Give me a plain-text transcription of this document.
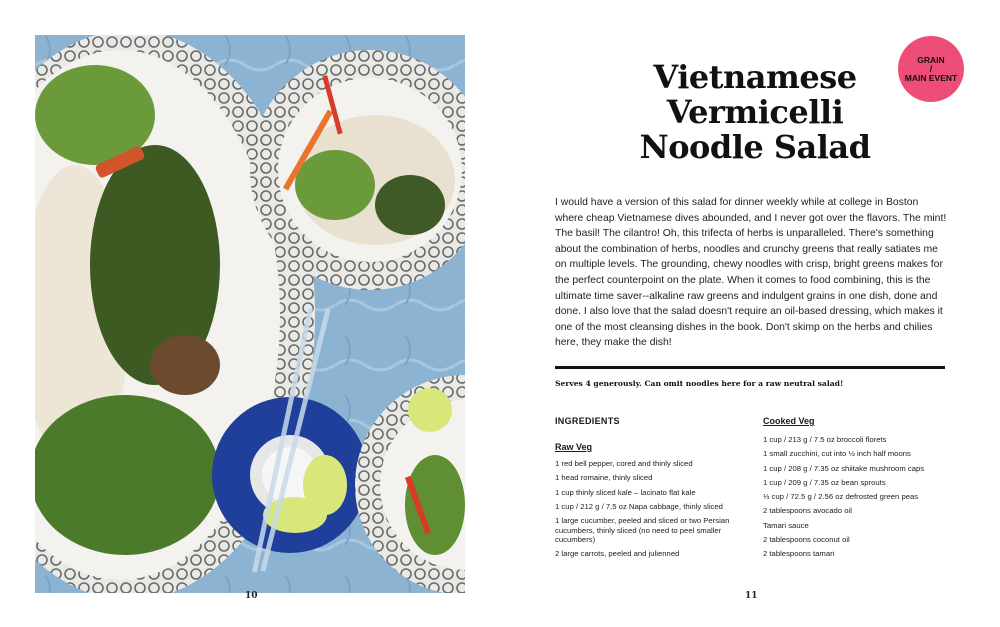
10
GRAIN
/
MAIN EVENT
Vietnamese
Vermicelli
Noodle Salad

I would have a version of this salad for dinner weekly while at college in Boston where cheap Vietnamese dives abounded, and I never got over the flavors. The mint! The basil! The cilantro! Oh, this trifecta of herbs is unparalleled. There's something about the combination of herbs, noodles and crunchy greens that really satiates me on multiple levels. The grounding, chewy noodles with crisp, bright greens makes for the perfect counterpoint on the plate. When it comes to food combining, this is the ultimate time saver--alkaline raw greens and indulgent grains in one dish, done and done. I also love that the salad doesn't require an oil-based dressing, which makes it one of the most cleansing dishes in the book. Don't skimp on the herbs and chilies here, they make the dish!

Serves 4 generously. Can omit noodles here for a raw neutral salad!

INGREDIENTS
Raw Veg
1 red bell pepper, cored and thinly sliced
1 head romaine, thinly sliced
1 cup thinly sliced kale – lacinato flat kale
1 cup / 212 g / 7.5 oz Napa cabbage, thinly sliced
1 large cucumber, peeled and sliced or two Persian cucumbers, thinly sliced (no need to peel smaller cucumbers)
2 large carrots, peeled and julienned
Cooked Veg
1 cup / 213 g / 7.5 oz broccoli florets
1 small zucchini, cut into ½ inch half moons
1 cup / 208 g / 7.35 oz shiitake mushroom caps
1 cup / 209 g / 7.35 oz bean sprouts
⅓ cup / 72.5 g / 2.56 oz defrosted green peas
2 tablespoons avocado oil
Tamari sauce
2 tablespoons coconut oil
2 tablespoons tamari
11
